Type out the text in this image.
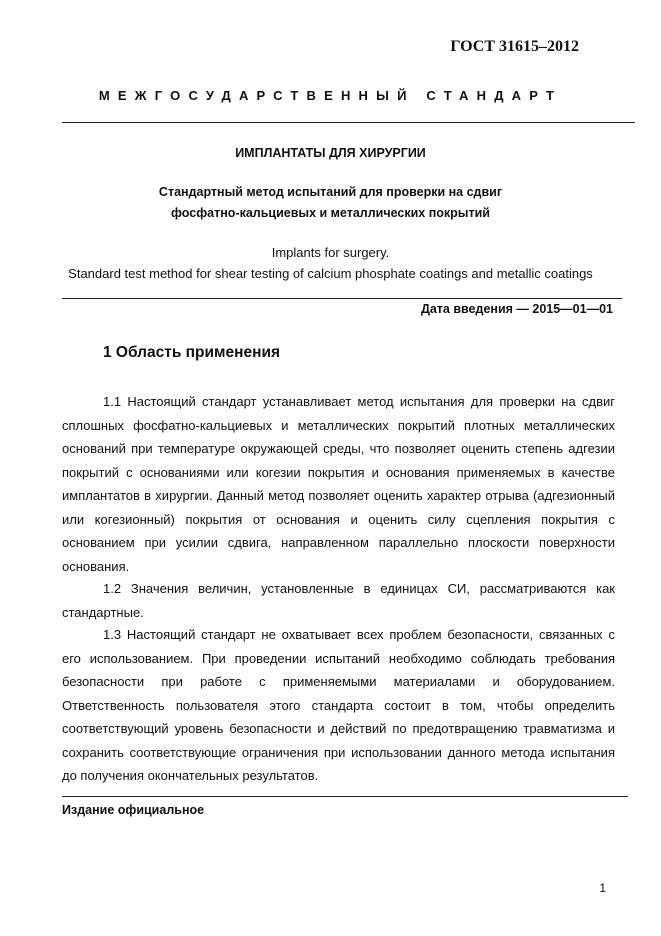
ГОСТ 31615–2012
МЕЖГОСУДАРСТВЕННЫЙ СТАНДАРТ
ИМПЛАНТАТЫ ДЛЯ ХИРУРГИИ
Стандартный метод испытаний для проверки на сдвиг
фосфатно-кальциевых и металлических покрытий
Implants for surgery.
Standard test method for shear testing of calcium phosphate coatings and metallic coatings
Дата введения — 2015—01—01
1 Область применения

1.1 Настоящий стандарт устанавливает метод испытания для проверки на сдвиг сплошных фосфатно-кальциевых и металлических покрытий плотных металлических оснований при температуре окружающей среды, что позволяет оценить степень адгезии покрытий с основаниями или когезии покрытия и основания применяемых в качестве имплантатов в хирургии. Данный метод позволяет оценить характер отрыва (адгезионный или когезионный) покрытия от основания и оценить силу сцепления покрытия с основанием при усилии сдвига, направленном параллельно плоскости поверхности основания.

1.2 Значения величин, установленные в единицах СИ, рассматриваются как стандартные.

1.3 Настоящий стандарт не охватывает всех проблем безопасности, связанных с его использованием. При проведении испытаний необходимо соблюдать требования безопасности при работе с применяемыми материалами и оборудованием. Ответственность пользователя этого стандарта состоит в том, чтобы определить соответствующий уровень безопасности и действий по предотвращению травматизма и сохранить соответствующие ограничения при использовании данного метода испытания до получения окончательных результатов.

Издание официальное
1
